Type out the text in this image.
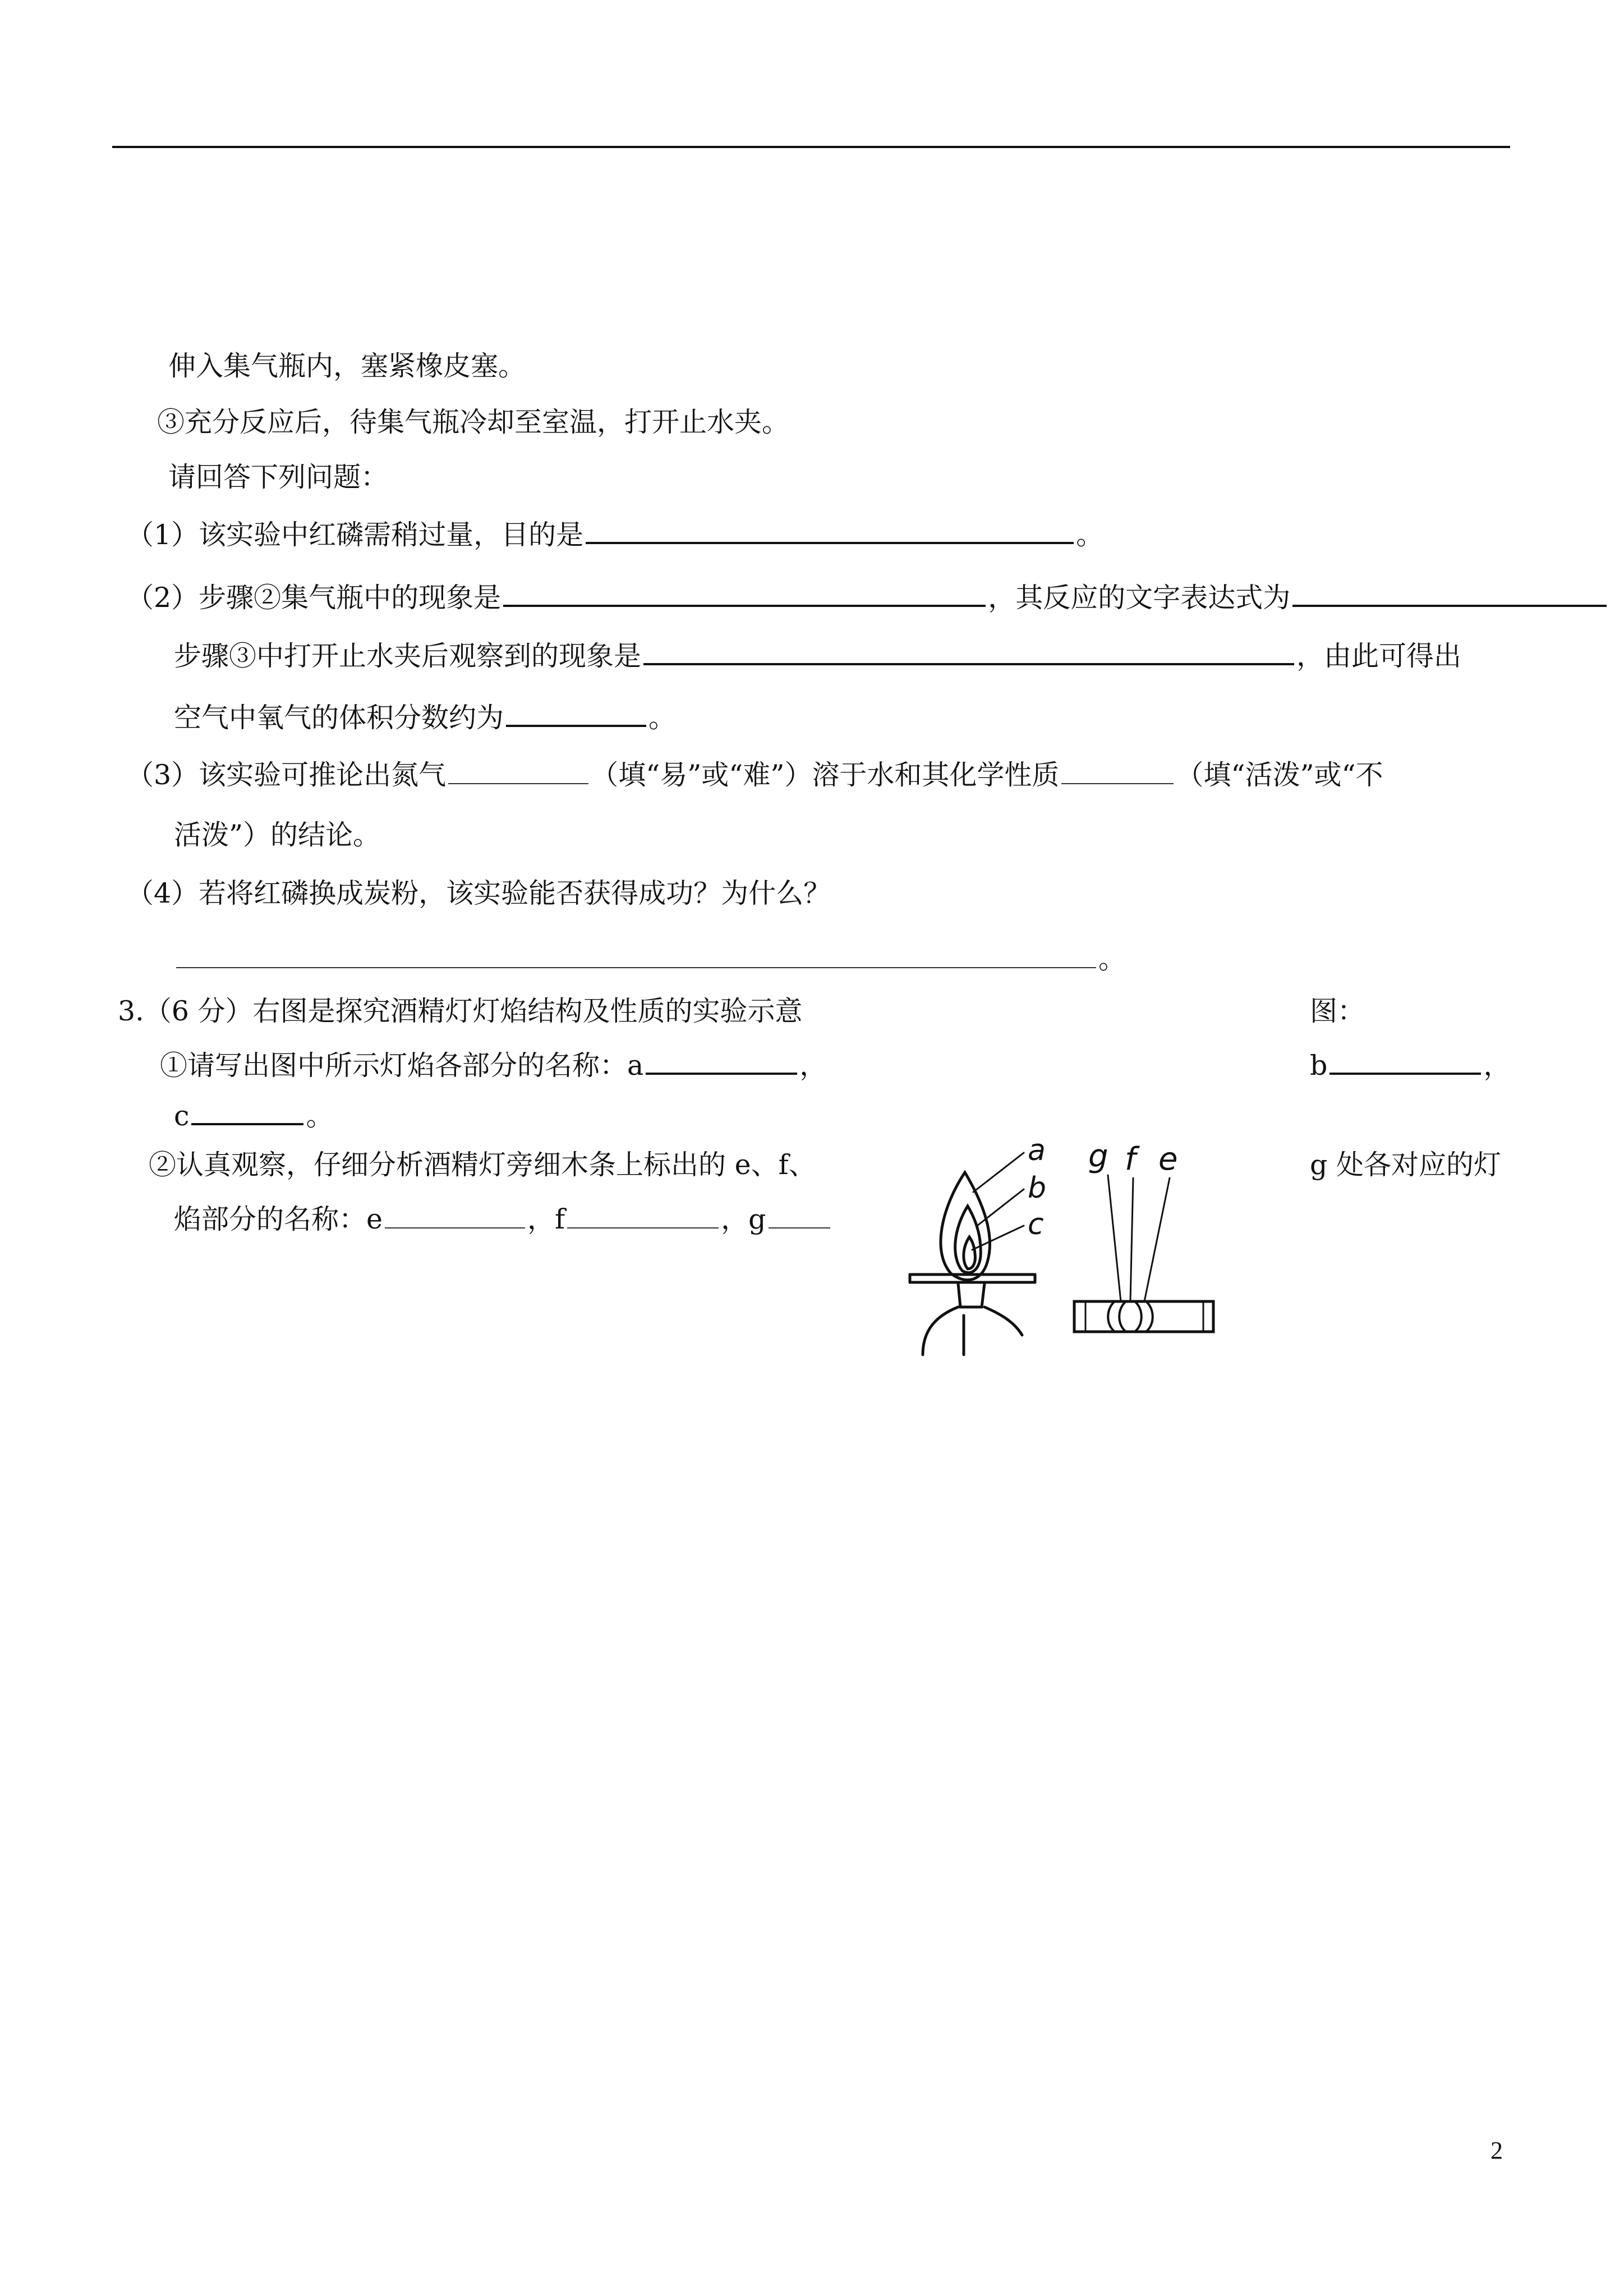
伸入集气瓶内，塞紧橡皮塞。
③充分反应后，待集气瓶冷却至室温，打开止水夹。
请回答下列问题：
（1）该实验中红磷需稍过量，目的是	。
（2）步骤②集气瓶中的现象是	，其反应的文字表达式为
步骤③中打开止水夹后观察到的现象是	，由此可得出
空气中氧气的体积分数约为	。
（3）该实验可推论出氮气	（填“易”或“难”）溶于水和其化学性质	（填“活泼”或“不
活泼”）的结论。
（4）若将红磷换成炭粉，该实验能否获得成功？为什么？
。
3.（6 分）右图是探究酒精灯灯焰结构及性质的实验示意	图：
①请写出图中所示灯焰各部分的名称：a	，	b	，
c	。
②认真观察，仔细分析酒精灯旁细木条上标出的 e、f、	g 处各对应的灯
焰部分的名称：e	，f	，g
a
b
c
g f e
2
